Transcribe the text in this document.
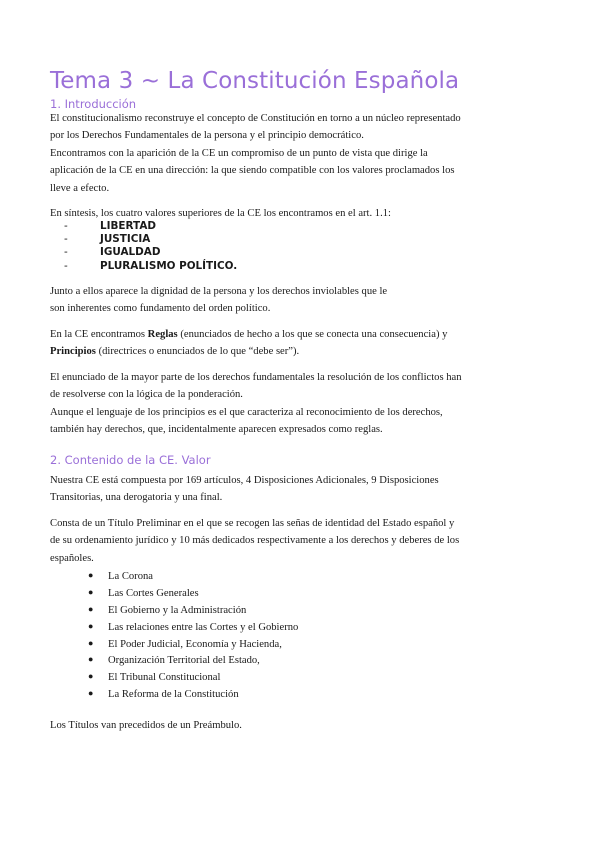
Tema 3 ~ La Constitución Española
1. Introducción
El constitucionalismo reconstruye el concepto de Constitución en torno a un núcleo representado
por los Derechos Fundamentales de la persona y el principio democrático.
Encontramos con la aparición de la CE un compromiso de un punto de vista que dirige la
aplicación de la CE en una dirección: la que siendo compatible con los valores proclamados los
lleve a efecto.
En síntesis, los cuatro valores superiores de la CE los encontramos en el art. 1.1:
-	LIBERTAD
-	JUSTICIA
-	IGUALDAD
-	PLURALISMO POLÍTICO.
Junto a ellos aparece la dignidad de la persona y los derechos inviolables que le
son inherentes como fundamento del orden político.
En la CE encontramos Reglas (enunciados de hecho a los que se conecta una consecuencia) y
Principios (directrices o enunciados de lo que “debe ser”).
El enunciado de la mayor parte de los derechos fundamentales la resolución de los conflictos han
de resolverse con la lógica de la ponderación.
Aunque el lenguaje de los principios es el que caracteriza al reconocimiento de los derechos,
también hay derechos, que, incidentalmente aparecen expresados como reglas.
2. Contenido de la CE. Valor
Nuestra CE está compuesta por 169 artículos, 4 Disposiciones Adicionales, 9 Disposiciones
Transitorias, una derogatoria y una final.
Consta de un Título Preliminar en el que se recogen las señas de identidad del Estado español y
de su ordenamiento jurídico y 10 más dedicados respectivamente a los derechos y deberes de los
españoles.
● La Corona
● Las Cortes Generales
● El Gobierno y la Administración
● Las relaciones entre las Cortes y el Gobierno
● El Poder Judicial, Economía y Hacienda,
● Organización Territorial del Estado,
● El Tribunal Constitucional
● La Reforma de la Constitución
Los Títulos van precedidos de un Preámbulo.
